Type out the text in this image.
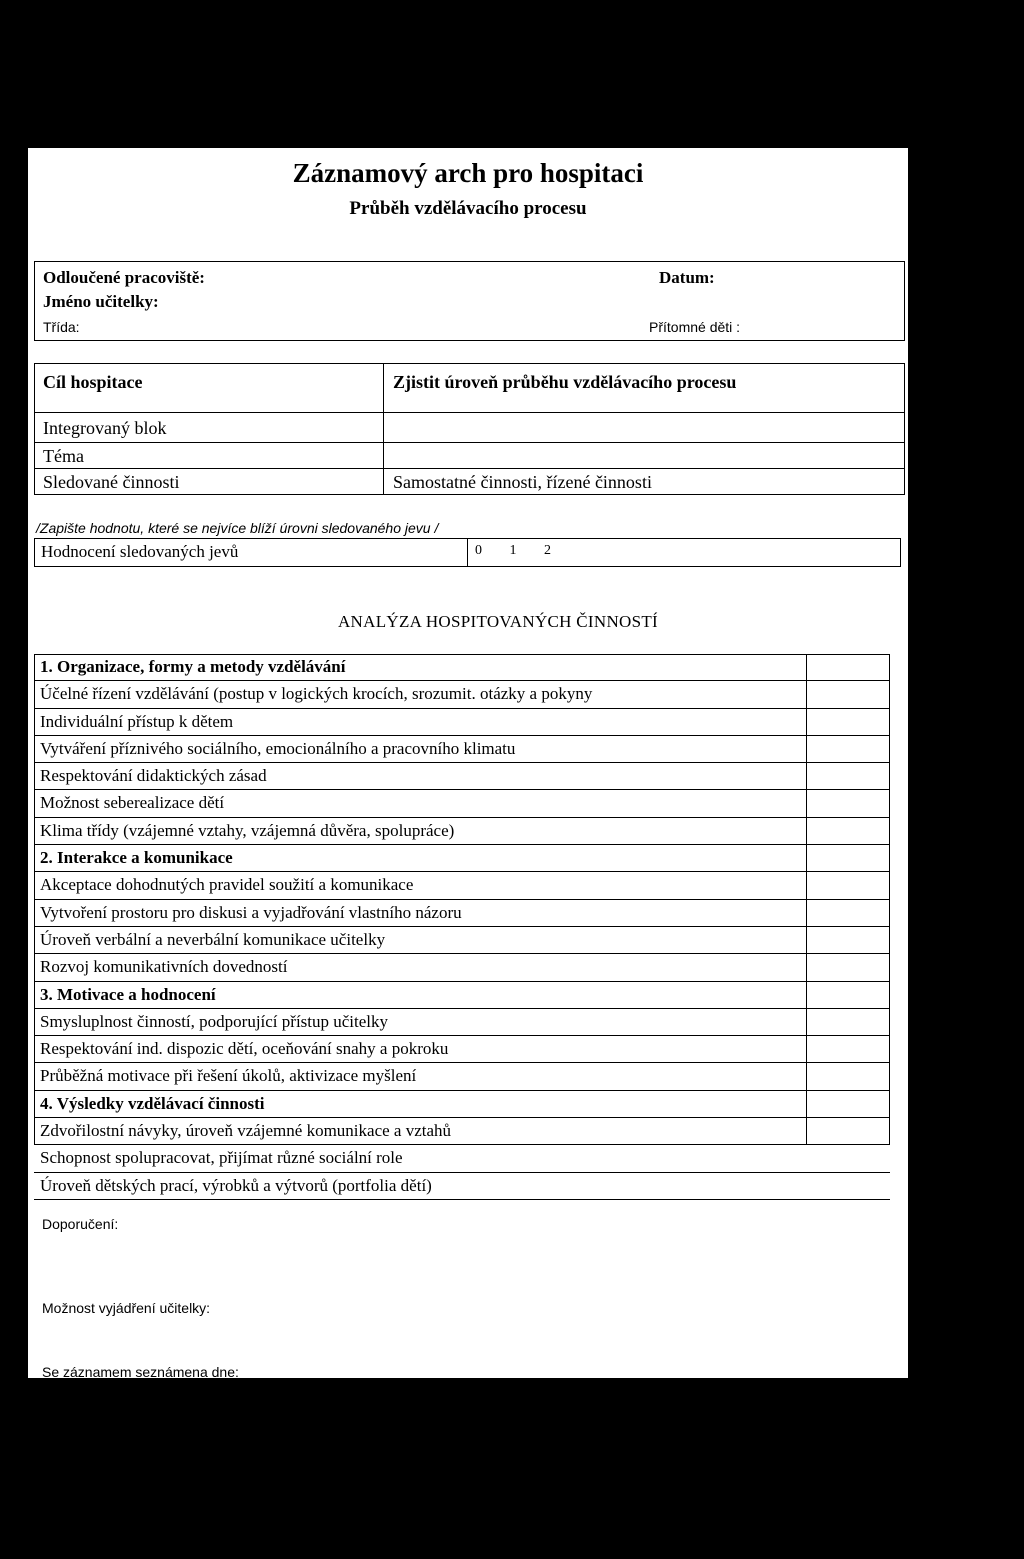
Záznamový arch pro hospitaci
Průběh vzdělávacího procesu
Odloučené pracoviště:
Jméno učitelky:
Třída:
Datum:
Přítomné děti :
Cíl hospitace	Zjistit úroveň průběhu vzdělávacího procesu
Integrovaný blok
Téma
Sledované činnosti	Samostatné činnosti, řízené činnosti
/Zapište hodnotu, které se nejvíce blíží úrovni sledovaného jevu /
Hodnocení sledovaných jevů	0 1 2
ANALÝZA HOSPITOVANÝCH ČINNOSTÍ
1. Organizace, formy a metody vzdělávání
Účelné řízení vzdělávání (postup v logických krocích, srozumit. otázky a pokyny
Individuální přístup k dětem
Vytváření příznivého sociálního, emocionálního a pracovního klimatu
Respektování didaktických zásad
Možnost seberealizace dětí
Klima třídy (vzájemné vztahy, vzájemná důvěra, spolupráce)
2. Interakce a komunikace
Akceptace dohodnutých pravidel soužití a komunikace
Vytvoření prostoru pro diskusi a vyjadřování vlastního názoru
Úroveň verbální a neverbální komunikace učitelky
Rozvoj komunikativních dovedností
3. Motivace a hodnocení
Smysluplnost činností, podporující přístup učitelky
Respektování ind. dispozic dětí, oceňování snahy a pokroku
Průběžná motivace při řešení úkolů, aktivizace myšlení
4. Výsledky vzdělávací činnosti
Zdvořilostní návyky, úroveň vzájemné komunikace a vztahů
Schopnost spolupracovat, přijímat různé sociální role
Úroveň dětských prací, výrobků a výtvorů (portfolia dětí)
Doporučení:
Možnost vyjádření učitelky:
Se záznamem seznámena dne:
Hospitoval:
